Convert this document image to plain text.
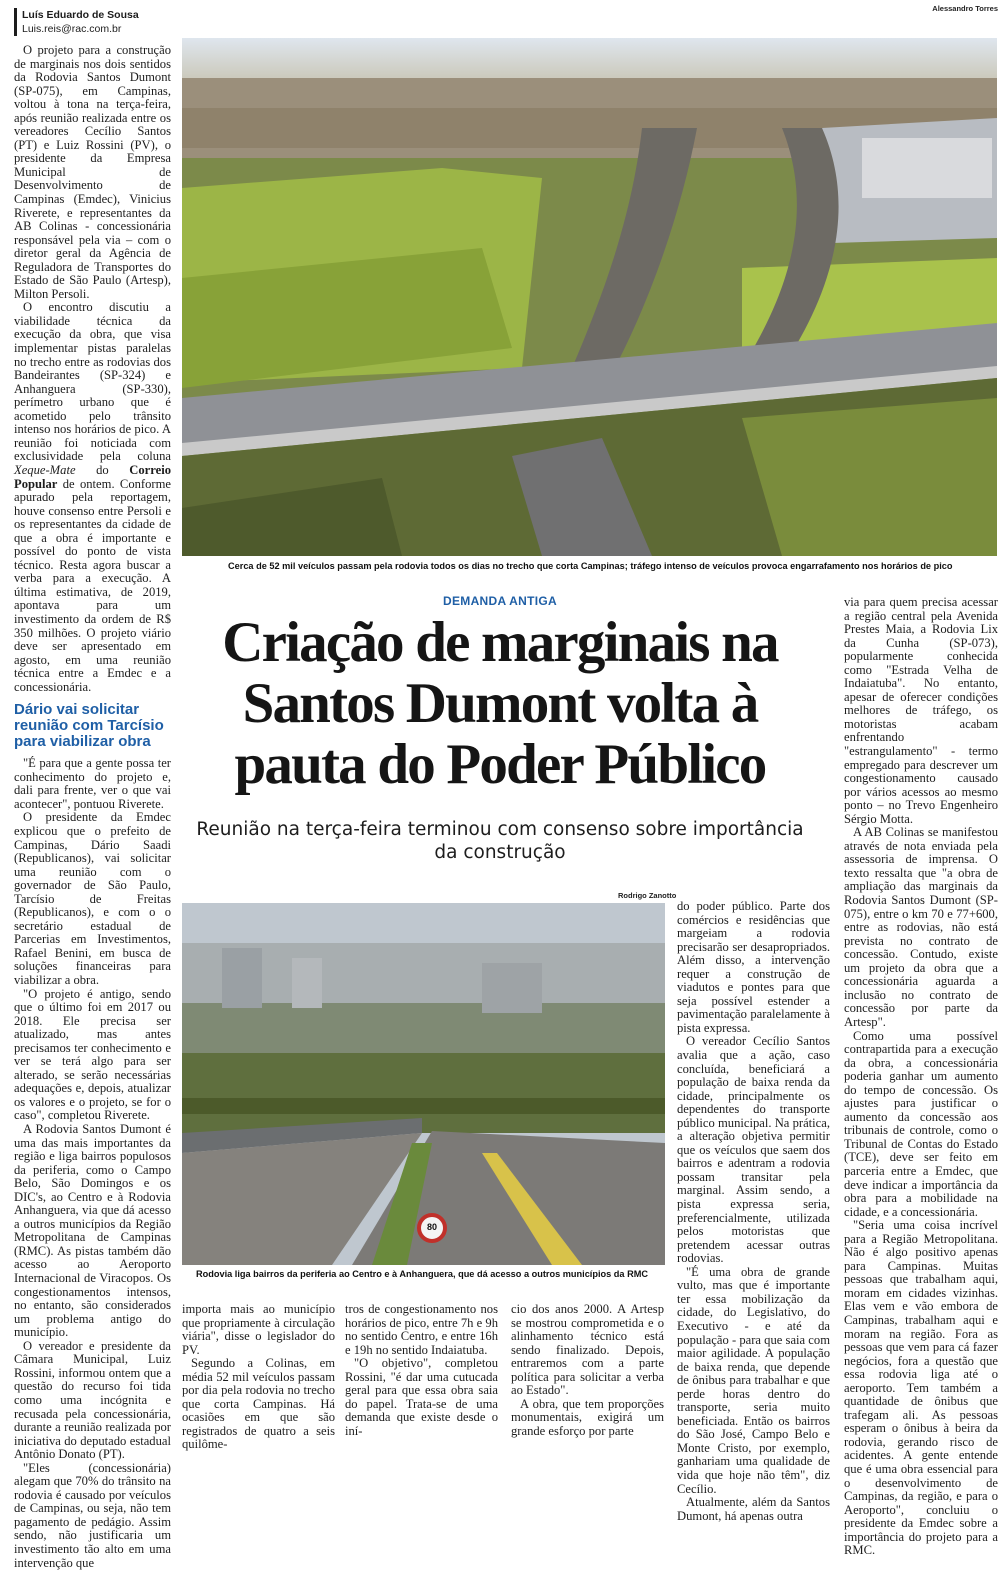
Luís Eduardo de Sousa
Luis.reis@rac.com.br

O projeto para a construção de marginais nos dois sentidos da Rodovia Santos Dumont (SP-075), em Campinas, voltou à tona na terça-feira, após reunião realizada entre os vereadores Cecílio Santos (PT) e Luiz Rossini (PV), o presidente da Empresa Municipal de Desenvolvimento de Campinas (Emdec), Vinicius Riverete, e representantes da AB Colinas - concessionária responsável pela via – com o diretor geral da Agência de Reguladora de Transportes do Estado de São Paulo (Artesp), Milton Persoli.

O encontro discutiu a viabilidade técnica da execução da obra, que visa implementar pistas paralelas no trecho entre as rodovias dos Bandeirantes (SP-324) e Anhanguera (SP-330), perímetro urbano que é acometido pelo trânsito intenso nos horários de pico. A reunião foi noticiada com exclusividade pela coluna Xeque-Mate do Correio Popular de ontem. Conforme apurado pela reportagem, houve consenso entre Persoli e os representantes da cidade de que a obra é importante e possível do ponto de vista técnico. Resta agora buscar a verba para a execução. A última estimativa, de 2019, apontava para um investimento da ordem de R$ 350 milhões. O projeto viário deve ser apresentado em agosto, em uma reunião técnica entre a Emdec e a concessionária.

Dário vai solicitar reunião com Tarcísio para viabilizar obra

"É para que a gente possa ter conhecimento do projeto e, dali para frente, ver o que vai acontecer", pontuou Riverete.

O presidente da Emdec explicou que o prefeito de Campinas, Dário Saadi (Republicanos), vai solicitar uma reunião com o governador de São Paulo, Tarcísio de Freitas (Republicanos), e com o o secretário estadual de Parcerias em Investimentos, Rafael Benini, em busca de soluções financeiras para viabilizar a obra.

"O projeto é antigo, sendo que o último foi em 2017 ou 2018. Ele precisa ser atualizado, mas antes precisamos ter conhecimento e ver se terá algo para ser alterado, se serão necessárias adequações e, depois, atualizar os valores e o projeto, se for o caso", completou Riverete.

A Rodovia Santos Dumont é uma das mais importantes da região e liga bairros populosos da periferia, como o Campo Belo, São Domingos e os DIC's, ao Centro e à Rodovia Anhanguera, via que dá acesso a outros municípios da Região Metropolitana de Campinas (RMC). As pistas também dão acesso ao Aeroporto Internacional de Viracopos. Os congestionamentos intensos, no entanto, são considerados um problema antigo do município.

O vereador e presidente da Câmara Municipal, Luiz Rossini, informou ontem que a questão do recurso foi tida como uma incógnita e recusada pela concessionária, durante a reunião realizada por iniciativa do deputado estadual Antônio Donato (PT).

"Eles (concessionária) alegam que 70% do trânsito na rodovia é causado por veículos de Campinas, ou seja, não tem pagamento de pedágio. Assim sendo, não justificaria um investimento tão alto em uma intervenção que

Alessandro Torres
Cerca de 52 mil veículos passam pela rodovia todos os dias no trecho que corta Campinas; tráfego intenso de veículos provoca engarrafamento nos horários de pico
DEMANDA ANTIGA
Criação de marginais na Santos Dumont volta à pauta do Poder Público
Reunião na terça-feira terminou com consenso sobre importância da construção
Rodrigo Zanotto
80
Rodovia liga bairros da periferia ao Centro e à Anhanguera, que dá acesso a outros municípios da RMC

importa mais ao município que propriamente à circulação viária", disse o legislador do PV.

Segundo a Colinas, em média 52 mil veículos passam por dia pela rodovia no trecho que corta Campinas. Há ocasiões em que são registrados de quatro a seis quilôme-

tros de congestionamento nos horários de pico, entre 7h e 9h no sentido Centro, e entre 16h e 19h no sentido Indaiatuba.

"O objetivo", completou Rossini, "é dar uma cutucada geral para que essa obra saia do papel. Trata-se de uma demanda que existe desde o iní-

cio dos anos 2000. A Artesp se mostrou comprometida e o alinhamento técnico está sendo finalizado. Depois, entraremos com a parte política para solicitar a verba ao Estado".

A obra, que tem proporções monumentais, exigirá um grande esforço por parte

do poder público. Parte dos comércios e residências que margeiam a rodovia precisarão ser desapropriados. Além disso, a intervenção requer a construção de viadutos e pontes para que seja possível estender a pavimentação paralelamente à pista expressa.

O vereador Cecílio Santos avalia que a ação, caso concluída, beneficiará a população de baixa renda da cidade, principalmente os dependentes do transporte público municipal. Na prática, a alteração objetiva permitir que os veículos que saem dos bairros e adentram a rodovia possam transitar pela marginal. Assim sendo, a pista expressa seria, preferencialmente, utilizada pelos motoristas que pretendem acessar outras rodovias.

"É uma obra de grande vulto, mas que é importante ter essa mobilização da cidade, do Legislativo, do Executivo - e até da população - para que saia com maior agilidade. A população de baixa renda, que depende de ônibus para trabalhar e que perde horas dentro do transporte, seria muito beneficiada. Então os bairros do São José, Campo Belo e Monte Cristo, por exemplo, ganhariam uma qualidade de vida que hoje não têm", diz Cecílio.

Atualmente, além da Santos Dumont, há apenas outra

via para quem precisa acessar a região central pela Avenida Prestes Maia, a Rodovia Lix da Cunha (SP-073), popularmente conhecida como "Estrada Velha de Indaiatuba". No entanto, apesar de oferecer condições melhores de tráfego, os motoristas acabam enfrentando "estrangulamento" - termo empregado para descrever um congestionamento causado por vários acessos ao mesmo ponto – no Trevo Engenheiro Sérgio Motta.

A AB Colinas se manifestou através de nota enviada pela assessoria de imprensa. O texto ressalta que "a obra de ampliação das marginais da Rodovia Santos Dumont (SP-075), entre o km 70 e 77+600, entre as rodovias, não está prevista no contrato de concessão. Contudo, existe um projeto da obra que a concessionária aguarda a inclusão no contrato de concessão por parte da Artesp".

Como uma possível contrapartida para a execução da obra, a concessionária poderia ganhar um aumento do tempo de concessão. Os ajustes para justificar o aumento da concessão aos tribunais de controle, como o Tribunal de Contas do Estado (TCE), deve ser feito em parceria entre a Emdec, que deve indicar a importância da obra para a mobilidade na cidade, e a concessionária.

"Seria uma coisa incrível para a Região Metropolitana. Não é algo positivo apenas para Campinas. Muitas pessoas que trabalham aqui, moram em cidades vizinhas. Elas vem e vão embora de Campinas, trabalham aqui e moram na região. Fora as pessoas que vem para cá fazer negócios, fora a questão que essa rodovia liga até o aeroporto. Tem também a quantidade de ônibus que trafegam ali. As pessoas esperam o ônibus à beira da rodovia, gerando risco de acidentes. A gente entende que é uma obra essencial para o desenvolvimento de Campinas, da região, e para o Aeroporto", concluiu o presidente da Emdec sobre a importância do projeto para a RMC.
